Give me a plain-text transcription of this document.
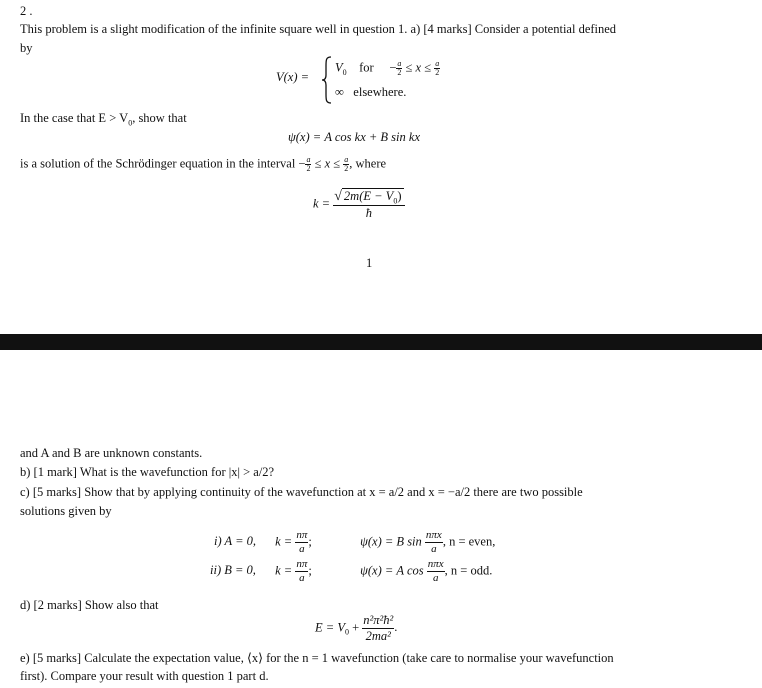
2 .
This problem is a slight modification of the infinite square well in question 1. a) [4 marks] Consider a potential defined
by
V(x) =
$V_0$ for     − $\frac{a}{2} \le x \le \frac{a}{2}$
∞ elsewhere.
In the case that $E > V_0$, show that
ψ(x) = A cos kx + B sin kx
is a solution of the Schrödinger equation in the interval − $\frac{a}{2} \le x \le \frac{a}{2}$ , where
$k = \frac{√ 2m(E - V_0)}{ħ}$
1
and A and B are unknown constants.
b) [1 mark] What is the wavefunction for |x| > a/2?
c) [5 marks] Show that by applying continuity of the wavefunction at x = a/2 and x = −a/2 there are two possible
solutions given by
i) A = 0, $k = \frac{n\pi}{a}$ ;	ψ(x) = B $\sin \frac{\text{nπx}}{a}$ , n = even,
ii) B = 0, $k = \frac{n\pi}{a}$ ;	ψ(x) = A $\cos \frac{\text{nπx}}{a}$ , n = odd.
d) [2 marks] Show also that
$E = V_0 + \frac{\text{n²π²ħ²}}{\text{2ma²}}$ .
e) [5 marks] Calculate the expectation value, ⟨x⟩ for the n = 1 wavefunction (take care to normalise your wavefunction
first). Compare your result with question 1 part d.
